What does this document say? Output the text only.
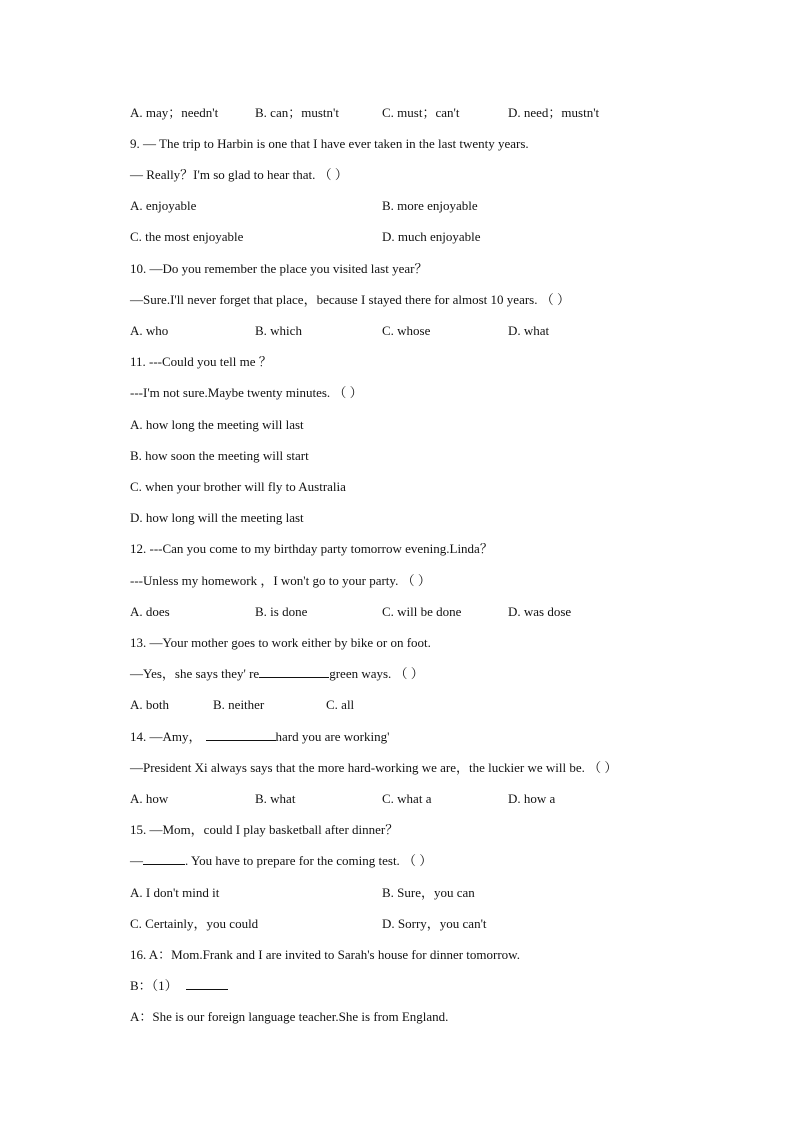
A. may；needn't	B. can；mustn't	C. must；can't	D. need；mustn't
9. — The trip to Harbin is one that I have ever taken in the last twenty years.
— Really？I'm so glad to hear that. （ ）
A. enjoyable	B. more enjoyable
C. the most enjoyable	D. much enjoyable
10. —Do you remember the place you visited last year？
—Sure.I'll never forget that place，because I stayed there for almost 10 years. （ ）
A. who	B. which	C. whose	D. what
11. ---Could you tell me ？
---I'm not sure.Maybe twenty minutes. （ ）
A. how long the meeting will last
B. how soon the meeting will start
C. when your brother will fly to Australia
D. how long will the meeting last
12. ---Can you come to my birthday party tomorrow evening.Linda？
---Unless my homework ，I won't go to your party. （ ）
A. does	B. is done	C. will be done	D. was dose
13. —Your mother goes to work either by bike or on foot.
—Yes，she says they' re	green ways. （ ）
A. both	B. neither	C. all
14. —Amy，	hard you are working'
—President Xi always says that the more hard-working we are，the luckier we will be. （ ）
A. how	B. what	C. what a	D. how a
15. —Mom，could I play basketball after dinner？
—	. You have to prepare for the coming test. （ ）
A. I don't mind it	B. Sure，you can
C. Certainly，you could	D. Sorry，you can't
16. A：Mom.Frank and I are invited to Sarah's house for dinner tomorrow.
B：（1）
A：She is our foreign language teacher.She is from England.
